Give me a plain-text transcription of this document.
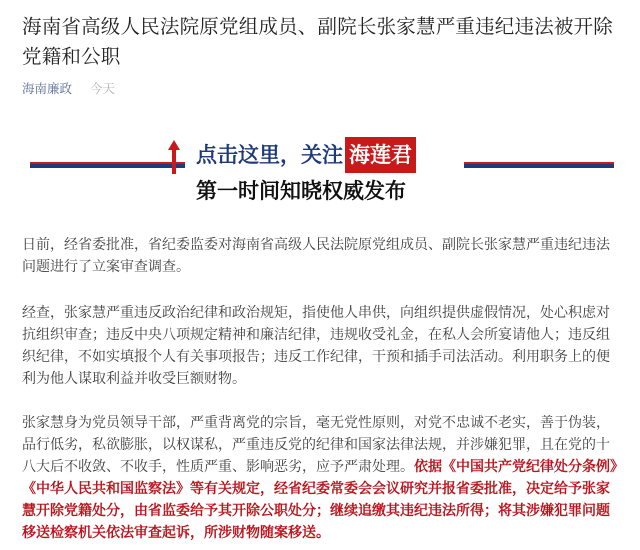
海南省高级人民法院原党组成员、副院长张家慧严重违纪违法被开除党籍和公职
海南廉政 今天
点击这里，关注 海莲君
第一时间知晓权威发布

日前，经省委批准，省纪委监委对海南省高级人民法院原党组成员、副院长张家慧严重违纪违法问题进行了立案审查调查。

经查，张家慧严重违反政治纪律和政治规矩，指使他人串供，向组织提供虚假情况，处心积虑对抗组织审查；违反中央八项规定精神和廉洁纪律，违规收受礼金，在私人会所宴请他人；违反组织纪律，不如实填报个人有关事项报告；违反工作纪律，干预和插手司法活动。利用职务上的便利为他人谋取利益并收受巨额财物。

张家慧身为党员领导干部，严重背离党的宗旨，毫无党性原则，对党不忠诚不老实，善于伪装，品行低劣，私欲膨胀，以权谋私，严重违反党的纪律和国家法律法规，并涉嫌犯罪，且在党的十八大后不收敛、不收手，性质严重、影响恶劣，应予严肃处理。依据《中国共产党纪律处分条例》《中华人民共和国监察法》等有关规定，经省纪委常委会会议研究并报省委批准，决定给予张家慧开除党籍处分，由省监委给予其开除公职处分；继续追缴其违纪违法所得；将其涉嫌犯罪问题移送检察机关依法审查起诉，所涉财物随案移送。
